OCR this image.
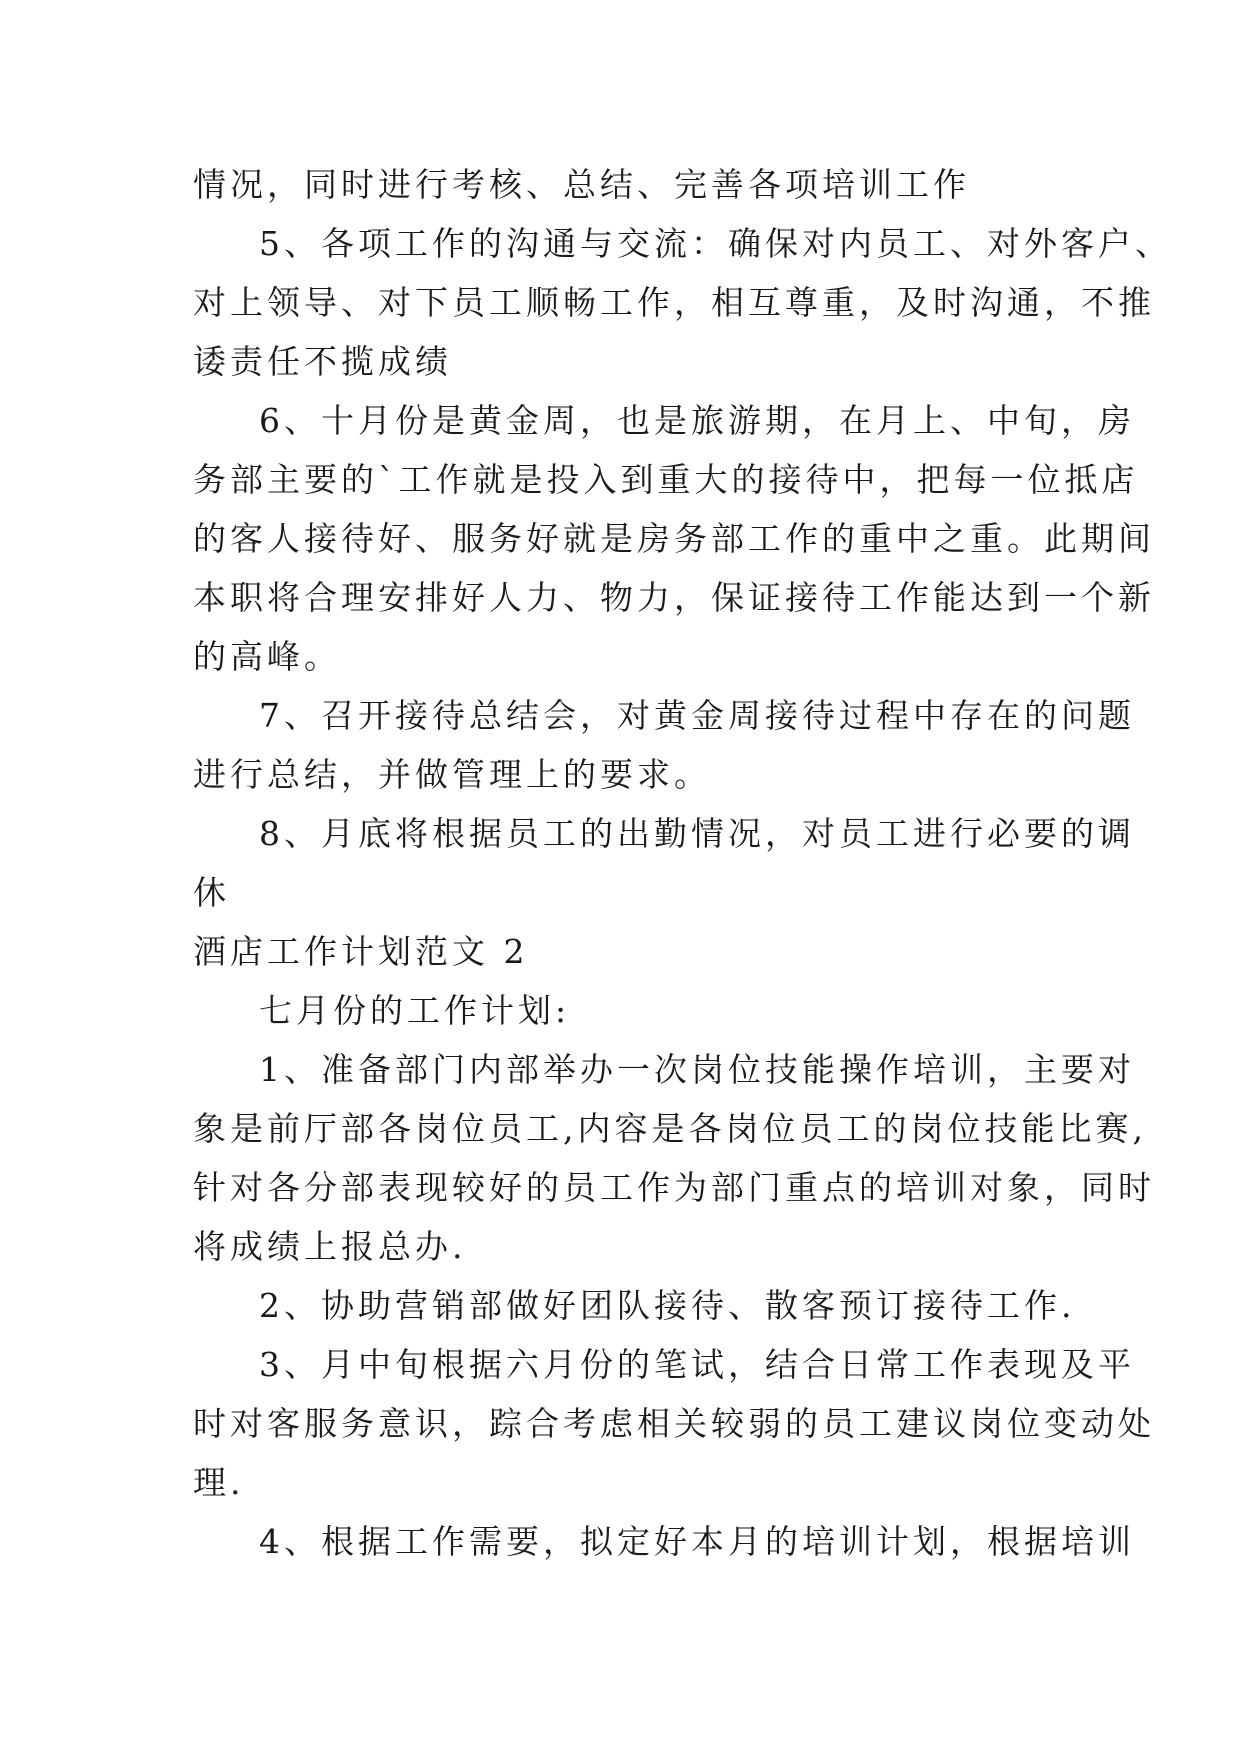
情况，同时进行考核、总结、完善各项培训工作
5、各项工作的沟通与交流：确保对内员工、对外客户、
对上领导、对下员工顺畅工作，相互尊重，及时沟通，不推
诿责任不揽成绩
6、十月份是黄金周，也是旅游期，在月上、中旬，房
务部主要的`工作就是投入到重大的接待中，把每一位抵店
的客人接待好、服务好就是房务部工作的重中之重。此期间
本职将合理安排好人力、物力，保证接待工作能达到一个新
的高峰。
7、召开接待总结会，对黄金周接待过程中存在的问题
进行总结，并做管理上的要求。
8、月底将根据员工的出勤情况，对员工进行必要的调
休
酒店工作计划范文 2
七月份的工作计划:
1、准备部门内部举办一次岗位技能操作培训，主要对
象是前厅部各岗位员工,内容是各岗位员工的岗位技能比赛,
针对各分部表现较好的员工作为部门重点的培训对象，同时
将成绩上报总办.
2、协助营销部做好团队接待、散客预订接待工作.
3、月中旬根据六月份的笔试，结合日常工作表现及平
时对客服务意识，踪合考虑相关较弱的员工建议岗位变动处
理.
4、根据工作需要，拟定好本月的培训计划，根据培训
